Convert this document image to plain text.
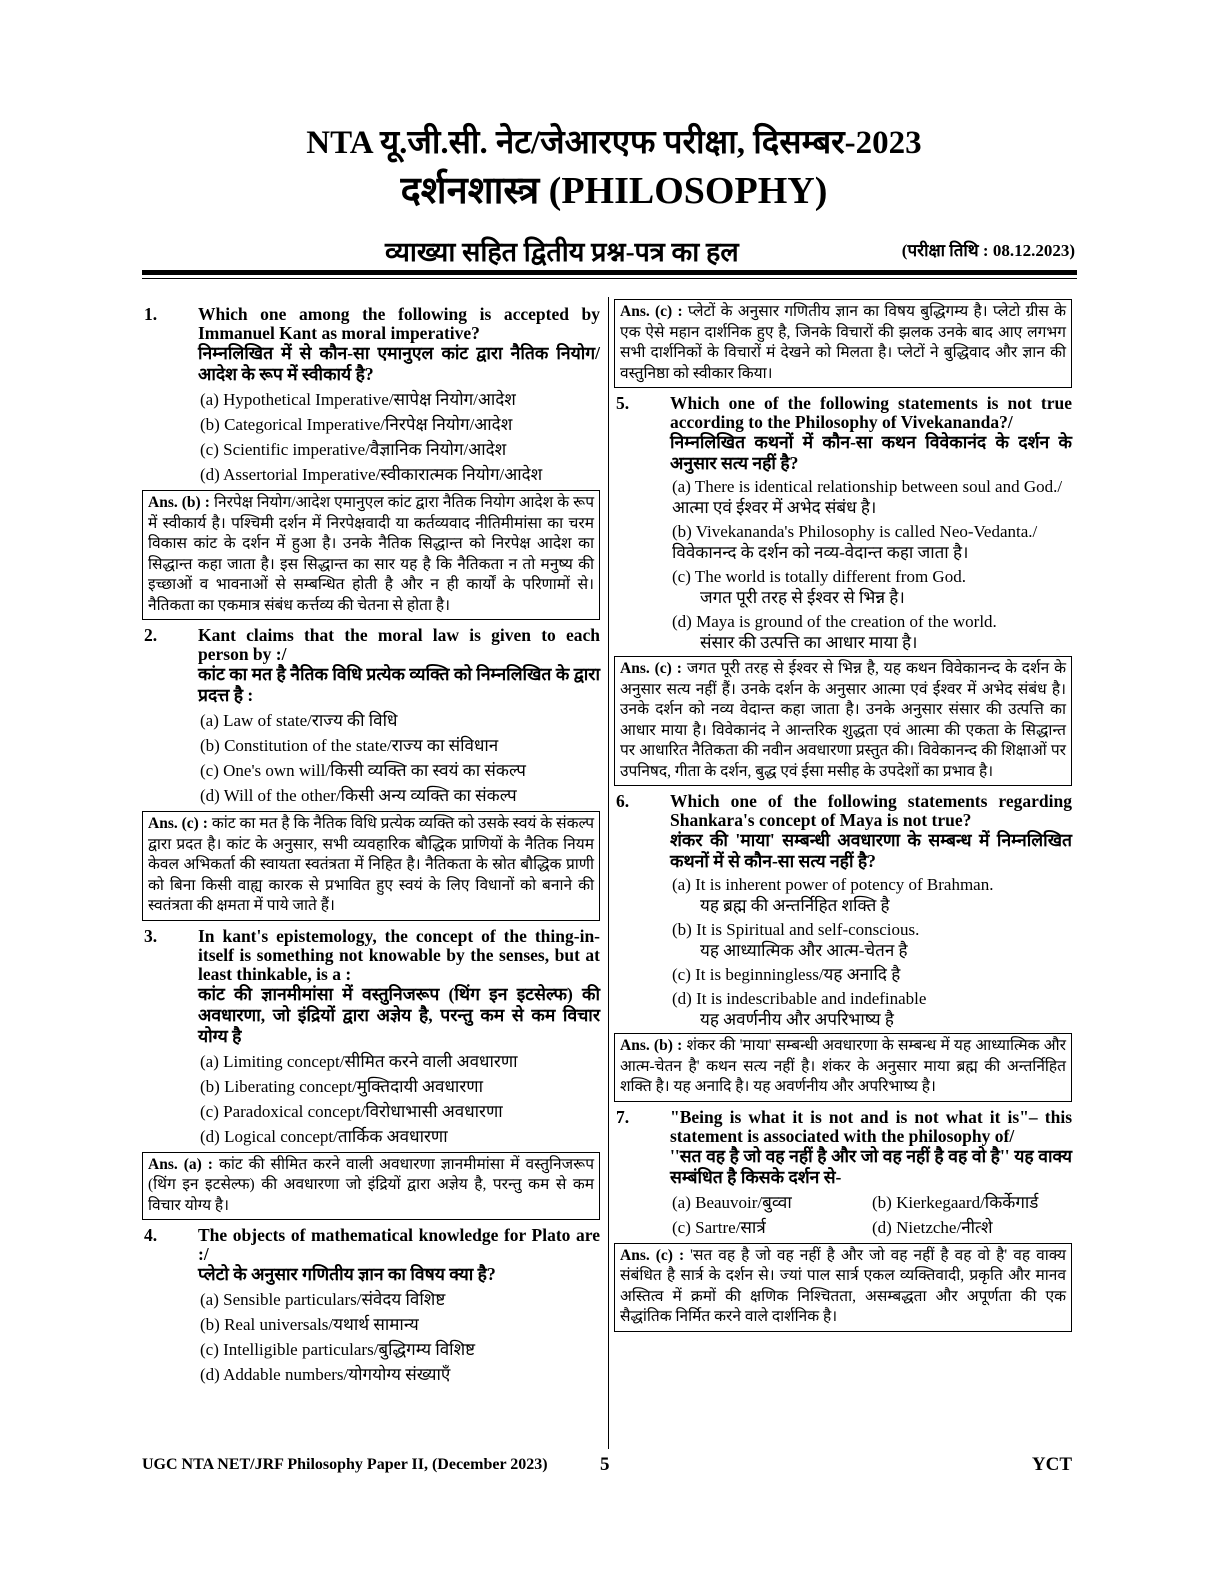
NTA यू.जी.सी. नेट/जेआरएफ परीक्षा, दिसम्बर-2023
दर्शनशास्त्र (PHILOSOPHY)
व्याख्या सहित द्वितीय प्रश्न-पत्र का हल	(परीक्षा तिथि : 08.12.2023)
1.	Which one among the following is accepted by Immanuel Kant as moral imperative?
निम्नलिखित में से कौन-सा एमानुएल कांट द्वारा नैतिक नियोग/आदेश के रूप में स्वीकार्य है?
(a) Hypothetical Imperative/सापेक्ष नियोग/आदेश
(b) Categorical Imperative/निरपेक्ष नियोग/आदेश
(c) Scientific imperative/वैज्ञानिक नियोग/आदेश
(d) Assertorial Imperative/स्वीकारात्मक नियोग/आदेश
Ans. (b) : निरपेक्ष नियोग/आदेश एमानुएल कांट द्वारा नैतिक नियोग आदेश के रूप में स्वीकार्य है। पश्चिमी दर्शन में निरपेक्षवादी या कर्तव्यवाद नीतिमीमांसा का चरम विकास कांट के दर्शन में हुआ है। उनके नैतिक सिद्धान्त को निरपेक्ष आदेश का सिद्धान्त कहा जाता है। इस सिद्धान्त का सार यह है कि नैतिकता न तो मनुष्य की इच्छाओं व भावनाओं से सम्बन्धित होती है और न ही कार्यों के परिणामों से। नैतिकता का एकमात्र संबंध कर्त्तव्य की चेतना से होता है।
2.	Kant claims that the moral law is given to each person by :/
कांट का मत है नैतिक विधि प्रत्येक व्यक्ति को निम्नलिखित के द्वारा प्रदत्त है :
(a) Law of state/राज्य की विधि
(b) Constitution of the state/राज्य का संविधान
(c) One's own will/किसी व्यक्ति का स्वयं का संकल्प
(d) Will of the other/किसी अन्य व्यक्ति का संकल्प
Ans. (c) : कांट का मत है कि नैतिक विधि प्रत्येक व्यक्ति को उसके स्वयं के संकल्प द्वारा प्रदत है। कांट के अनुसार, सभी व्यवहारिक बौद्धिक प्राणियों के नैतिक नियम केवल अभिकर्ता की स्वायता स्वतंत्रता में निहित है। नैतिकता के स्रोत बौद्धिक प्राणी को बिना किसी वाह्य कारक से प्रभावित हुए स्वयं के लिए विधानों को बनाने की स्वतंत्रता की क्षमता में पाये जाते हैं।
3.	In kant's epistemology, the concept of the thing-in-itself is something not knowable by the senses, but at least thinkable, is a :
कांट की ज्ञानमीमांसा में वस्तुनिजरूप (थिंग इन इटसेल्फ) की अवधारणा, जो इंद्रियों द्वारा अज्ञेय है, परन्तु कम से कम विचार योग्य है
(a) Limiting concept/सीमित करने वाली अवधारणा
(b) Liberating concept/मुक्तिदायी अवधारणा
(c) Paradoxical concept/विरोधाभासी अवधारणा
(d) Logical concept/तार्किक अवधारणा
Ans. (a) : कांट की सीमित करने वाली अवधारणा ज्ञानमीमांसा में वस्तुनिजरूप (थिंग इन इटसेल्फ) की अवधारणा जो इंद्रियों द्वारा अज्ञेय है, परन्तु कम से कम विचार योग्य है।
4.	The objects of mathematical knowledge for Plato are :/
प्लेटो के अनुसार गणितीय ज्ञान का विषय क्या है?
(a) Sensible particulars/संवेदय विशिष्ट
(b) Real universals/यथार्थ सामान्य
(c) Intelligible particulars/बुद्धिगम्य विशिष्ट
(d) Addable numbers/योगयोग्य संख्याएँ
Ans. (c) : प्लेटों के अनुसार गणितीय ज्ञान का विषय बुद्धिगम्य है। प्लेटो ग्रीस के एक ऐसे महान दार्शनिक हुए है, जिनके विचारों की झलक उनके बाद आए लगभग सभी दार्शनिकों के विचारों मं देखने को मिलता है। प्लेटों ने बुद्धिवाद और ज्ञान की वस्तुनिष्ठा को स्वीकार किया।
5.	Which one of the following statements is not true according to the Philosophy of Vivekananda?/
निम्नलिखित कथनों में कौन-सा कथन विवेकानंद के दर्शन के अनुसार सत्य नहीं है?
(a) There is identical relationship between soul and God./आत्मा एवं ईश्वर में अभेद संबंध है।
(b) Vivekananda's Philosophy is called Neo-Vedanta./विवेकानन्द के दर्शन को नव्य-वेदान्त कहा जाता है।
(c) The world is totally different from God.
जगत पूरी तरह से ईश्वर से भिन्न है।
(d) Maya is ground of the creation of the world.
संसार की उत्पत्ति का आधार माया है।
Ans. (c) : जगत पूरी तरह से ईश्वर से भिन्न है, यह कथन विवेकानन्द के दर्शन के अनुसार सत्य नहीं हैं। उनके दर्शन के अनुसार आत्मा एवं ईश्वर में अभेद संबंध है। उनके दर्शन को नव्य वेदान्त कहा जाता है। उनके अनुसार संसार की उत्पत्ति का आधार माया है। विवेकानंद ने आन्तरिक शुद्धता एवं आत्मा की एकता के सिद्धान्त पर आधारित नैतिकता की नवीन अवधारणा प्रस्तुत की। विवेकानन्द की शिक्षाओं पर उपनिषद, गीता के दर्शन, बुद्ध एवं ईसा मसीह के उपदेशों का प्रभाव है।
6.	Which one of the following statements regarding Shankara's concept of Maya is not true?
शंकर की 'माया' सम्बन्धी अवधारणा के सम्बन्ध में निम्नलिखित कथनों में से कौन-सा सत्य नहीं है?
(a) It is inherent power of potency of Brahman.
यह ब्रह्म की अन्तर्निहित शक्ति है
(b) It is Spiritual and self-conscious.
यह आध्यात्मिक और आत्म-चेतन है
(c) It is beginningless/यह अनादि है
(d) It is indescribable and indefinable
यह अवर्णनीय और अपरिभाष्य है
Ans. (b) : शंकर की 'माया' सम्बन्धी अवधारणा के सम्बन्ध में यह आध्यात्मिक और आत्म-चेतन है' कथन सत्य नहीं है। शंकर के अनुसार माया ब्रह्म की अन्तर्निहित शक्ति है। यह अनादि है। यह अवर्णनीय और अपरिभाष्य है।
7.	"Being is what it is not and is not what it is"– this statement is associated with the philosophy of/
''सत वह है जो वह नहीं है और जो वह नहीं है वह वो है'' यह वाक्य सम्बंधित है किसके दर्शन से-
(a) Beauvoir/बुव्वा	(b) Kierkegaard/किर्केगार्ड
(c) Sartre/सार्त्र	(d) Nietzche/नीत्शे
Ans. (c) : 'सत वह है जो वह नहीं है और जो वह नहीं है वह वो है' वह वाक्य संबंधित है सार्त्र के दर्शन से। ज्यां पाल सार्त्र एकल व्यक्तिवादी, प्रकृति और मानव अस्तित्व में क्रमों की क्षणिक निश्चितता, असम्बद्धता और अपूर्णता की एक सैद्धांतिक निर्मित करने वाले दार्शनिक है।
UGC NTA NET/JRF Philosophy Paper II, (December 2023)	5	YCT
